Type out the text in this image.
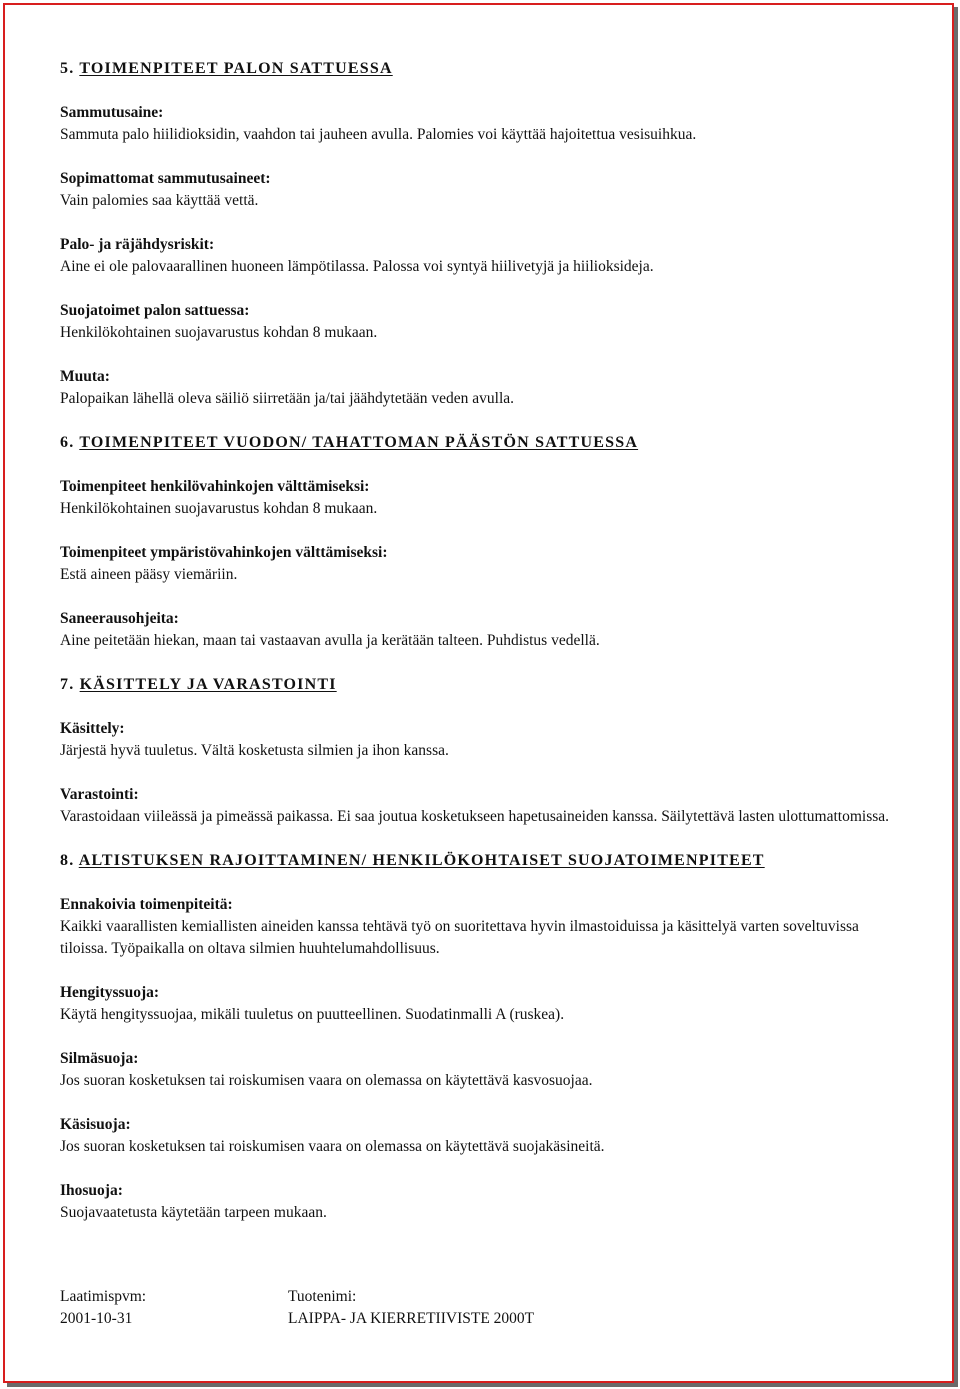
5. TOIMENPITEET PALON SATTUESSA
Sammutusaine:
Sammuta palo hiilidioksidin, vaahdon tai jauheen avulla. Palomies voi käyttää hajoitettua vesisuihkua.
Sopimattomat sammutusaineet:
Vain palomies saa käyttää vettä.
Palo- ja räjähdysriskit:
Aine ei ole palovaarallinen huoneen lämpötilassa. Palossa voi syntyä hiilivetyjä ja hiilioksideja.
Suojatoimet palon sattuessa:
Henkilökohtainen suojavarustus kohdan 8 mukaan.
Muuta:
Palopaikan lähellä oleva säiliö siirretään ja/tai jäähdytetään veden avulla.
6. TOIMENPITEET VUODON/ TAHATTOMAN PÄÄSTÖN SATTUESSA
Toimenpiteet henkilövahinkojen välttämiseksi:
Henkilökohtainen suojavarustus kohdan 8 mukaan.
Toimenpiteet ympäristövahinkojen välttämiseksi:
Estä aineen pääsy viemäriin.
Saneerausohjeita:
Aine peitetään hiekan, maan tai vastaavan avulla ja kerätään talteen. Puhdistus vedellä.
7. KÄSITTELY JA VARASTOINTI
Käsittely:
Järjestä hyvä tuuletus. Vältä kosketusta silmien ja ihon kanssa.
Varastointi:
Varastoidaan viileässä ja pimeässä paikassa. Ei saa joutua kosketukseen hapetusaineiden kanssa. Säilytettävä lasten ulottumattomissa.
8. ALTISTUKSEN RAJOITTAMINEN/ HENKILÖKOHTAISET SUOJATOIMENPITEET
Ennakoivia toimenpiteitä:
Kaikki vaarallisten kemiallisten aineiden kanssa tehtävä työ on suoritettava hyvin ilmastoiduissa ja käsittelyä varten soveltuvissa tiloissa. Työpaikalla on oltava silmien huuhtelumahdollisuus.
Hengityssuoja:
Käytä hengityssuojaa, mikäli tuuletus on puutteellinen. Suodatinmalli A (ruskea).
Silmäsuoja:
Jos suoran kosketuksen tai roiskumisen vaara on olemassa on käytettävä kasvosuojaa.
Käsisuoja:
Jos suoran kosketuksen tai roiskumisen vaara on olemassa on käytettävä suojakäsineitä.
Ihosuoja:
Suojavaatetusta käytetään tarpeen mukaan.
Laatimispvm:
2001-10-31
Tuotenimi:
LAIPPA- JA KIERRETIIVISTE 2000T
